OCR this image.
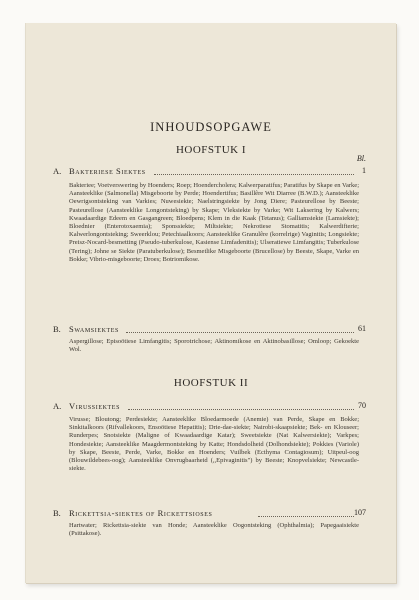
INHOUDSOPGAWE
HOOFSTUK I
Bl.
A. Bakteriese Siektes	1
Bakteriee; Voetverswering by Hoenders; Roep; Hoendercholera; Kalwerparatifus; Paratifus by Skape en Varke; Aansteeklike (Salmonella) Misgeboorte by Perde; Hoendertifus; Basillêre Wit Diarree (B.W.D.); Aansteeklike Oewrigsontsteking van Varkies; Nuwesiekte; Naelstringsiekte by Jong Diere; Pasteurellose by Beeste; Pasteurellose (Aansteeklike Longontsteking) by Skape; Vleksiekte by Varke; Wit Laksering by Kalwers; Kwaadaardige Edeem en Gasgangreen; Bloedpens; Klem in die Kaak (Tetanus); Galliamsiekte (Lamsiekte); Bloednier (Enterotoxaemia); Sponssiekte; Miltsiekte; Nekrotiese Stomatitis; Kalwerdifterie; Kalwerlongontsteking; Sweerklou; Petechiaalkoors; Aansteeklike Granulêre (korrelrige) Vaginitis; Longsiekte; Preisz-Nocard-besmetting (Pseudo-tuberkulose, Kasiense Limfadenitis); Ulseratiewe Limfangitis; Tuberkulose (Tering); Johne se Siekte (Paratuberkulose); Besmetlike Misgeboorte (Brucellose) by Beeste, Skape, Varke en Bokke; Vibrio-misgeboorte; Droes; Botriomikose.
B. Swamsiektes	61
Aspergillose; Episoötiese Limfangitis; Sporotrichose; Aktinomikose en Aktinobasillose; Omloop; Gekoekte Wol.
HOOFSTUK II
A. Virussiektes	70
Virusse; Bloutong; Perdesiekte; Aansteeklike Bloedarmoede (Anemie) van Perde, Skape en Bokke; Sinkitalkoors (Rifvallekoors, Ensoötiese Hepatitis); Drie-dae-siekte; Nairobi-skaapsiekte; Bek- en Klouseer; Runderpes; Snotsiekte (Maligne of Kwaadaardige Katar); Sweetsiekte (Nat Kalwersiekte); Varkpes; Hondesiekte; Aansteeklike Maagdermontsteking by Katte; Hondsdolheid (Dolhondsiekte); Pokkies (Variole) by Skape, Beeste, Perde, Varke, Bokke en Hoenders; Vuilbek (Ecthyma Contagiosum); Uitpeul-oog (Blouwildebees-oog); Aansteeklike Onvrugbaarheid (,,Epivaginitis") by Beeste; Knopvelsiekte; Newcastle-siekte.
B. Rickettsia-siektes of Rickettsioses	107
Hartwater; Rickettsia-siekte van Honde; Aansteeklike Oogontsteking (Ophthalmia); Papegaaisiekte (Psittakose).
